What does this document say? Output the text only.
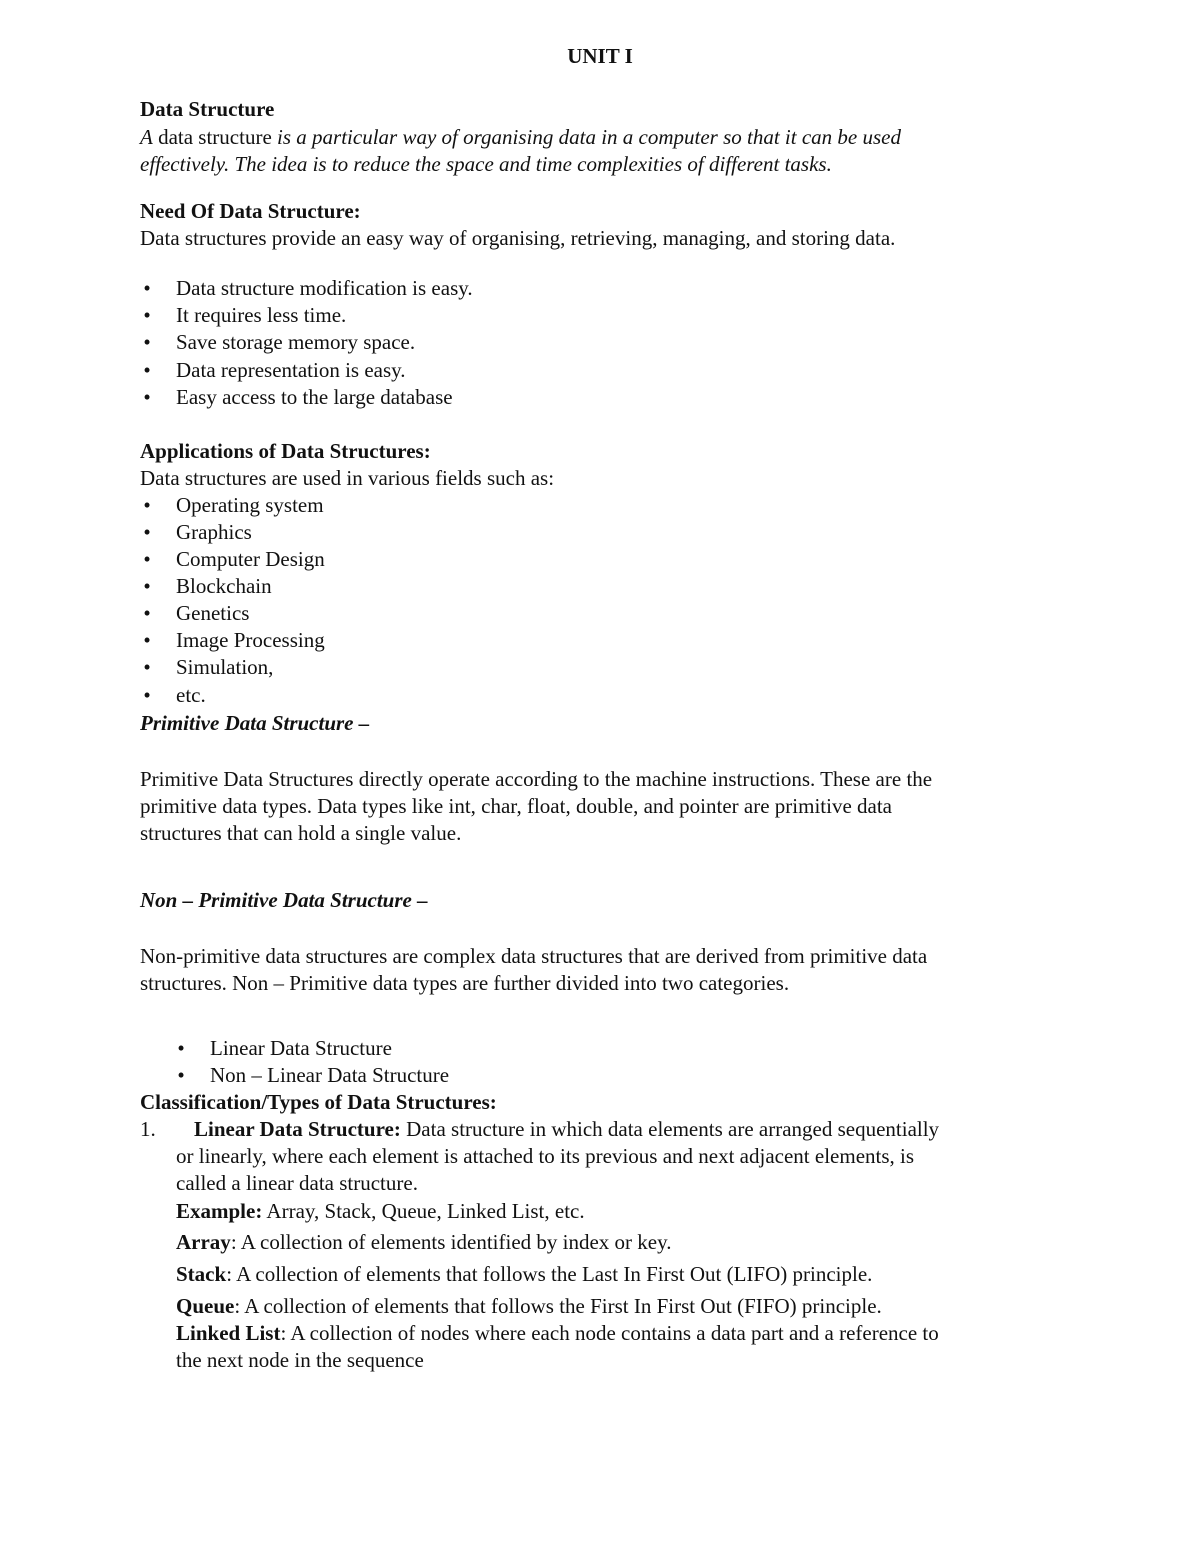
UNIT I
Data Structure
A data structure is a particular way of organising data in a computer so that it can be used
effectively. The idea is to reduce the space and time complexities of different tasks.
Need Of Data Structure:
Data structures provide an easy way of organising, retrieving, managing, and storing data.
•
Data structure modification is easy.
•
It requires less time.
•
Save storage memory space.
•
Data representation is easy.
•
Easy access to the large database
Applications of Data Structures:
Data structures are used in various fields such as:
•
Operating system
•
Graphics
•
Computer Design
•
Blockchain
•
Genetics
•
Image Processing
•
Simulation,
•
etc.
Primitive Data Structure –
Primitive Data Structures directly operate according to the machine instructions. These are the
primitive data types. Data types like int, char, float, double, and pointer are primitive data
structures that can hold a single value.
Non – Primitive Data Structure –
Non-primitive data structures are complex data structures that are derived from primitive data
structures. Non – Primitive data types are further divided into two categories.
•
Linear Data Structure
•
Non – Linear Data Structure
Classification/Types of Data Structures:
1. Linear Data Structure: Data structure in which data elements are arranged sequentially
or linearly, where each element is attached to its previous and next adjacent elements, is
called a linear data structure.
Example: Array, Stack, Queue, Linked List, etc.
Array: A collection of elements identified by index or key.
Stack: A collection of elements that follows the Last In First Out (LIFO) principle.
Queue: A collection of elements that follows the First In First Out (FIFO) principle.
Linked List: A collection of nodes where each node contains a data part and a reference to
the next node in the sequence
